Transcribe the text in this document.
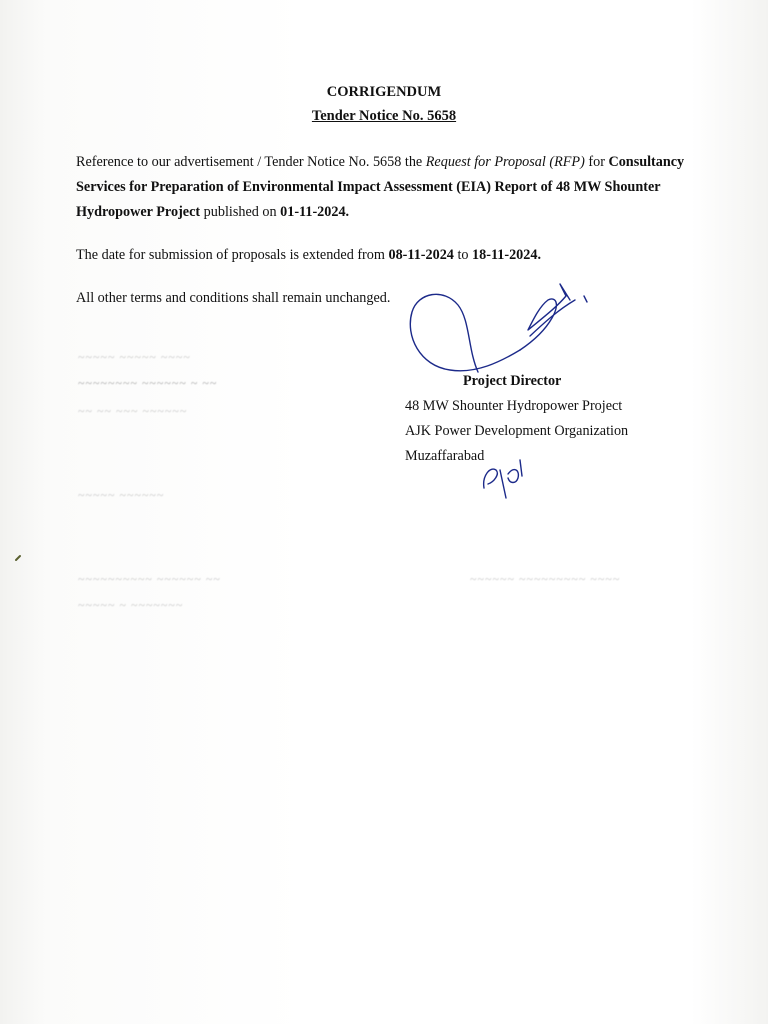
CORRIGENDUM
Tender Notice No. 5658
Reference to our advertisement / Tender Notice No. 5658 the Request for Proposal (RFP) for Consultancy Services for Preparation of Environmental Impact Assessment (EIA) Report of 48 MW Shounter Hydropower Project published on 01-11-2024.
The date for submission of proposals is extended from 08-11-2024 to 18-11-2024.
All other terms and conditions shall remain unchanged.
~~~~~ ~~~~~ ~~~~
~~~~~~~~ ~~~~~~ ~ ~~
~~ ~~ ~~~ ~~~~~~
~~~~~ ~~~~~~
~~~~~~~~~~ ~~~~~~ ~~
~~~~~ ~ ~~~~~~~
~~~~~~ ~~~~~~~~~ ~~~~
Project Director
48 MW Shounter Hydropower Project
AJK Power Development Organization
Muzaffarabad
